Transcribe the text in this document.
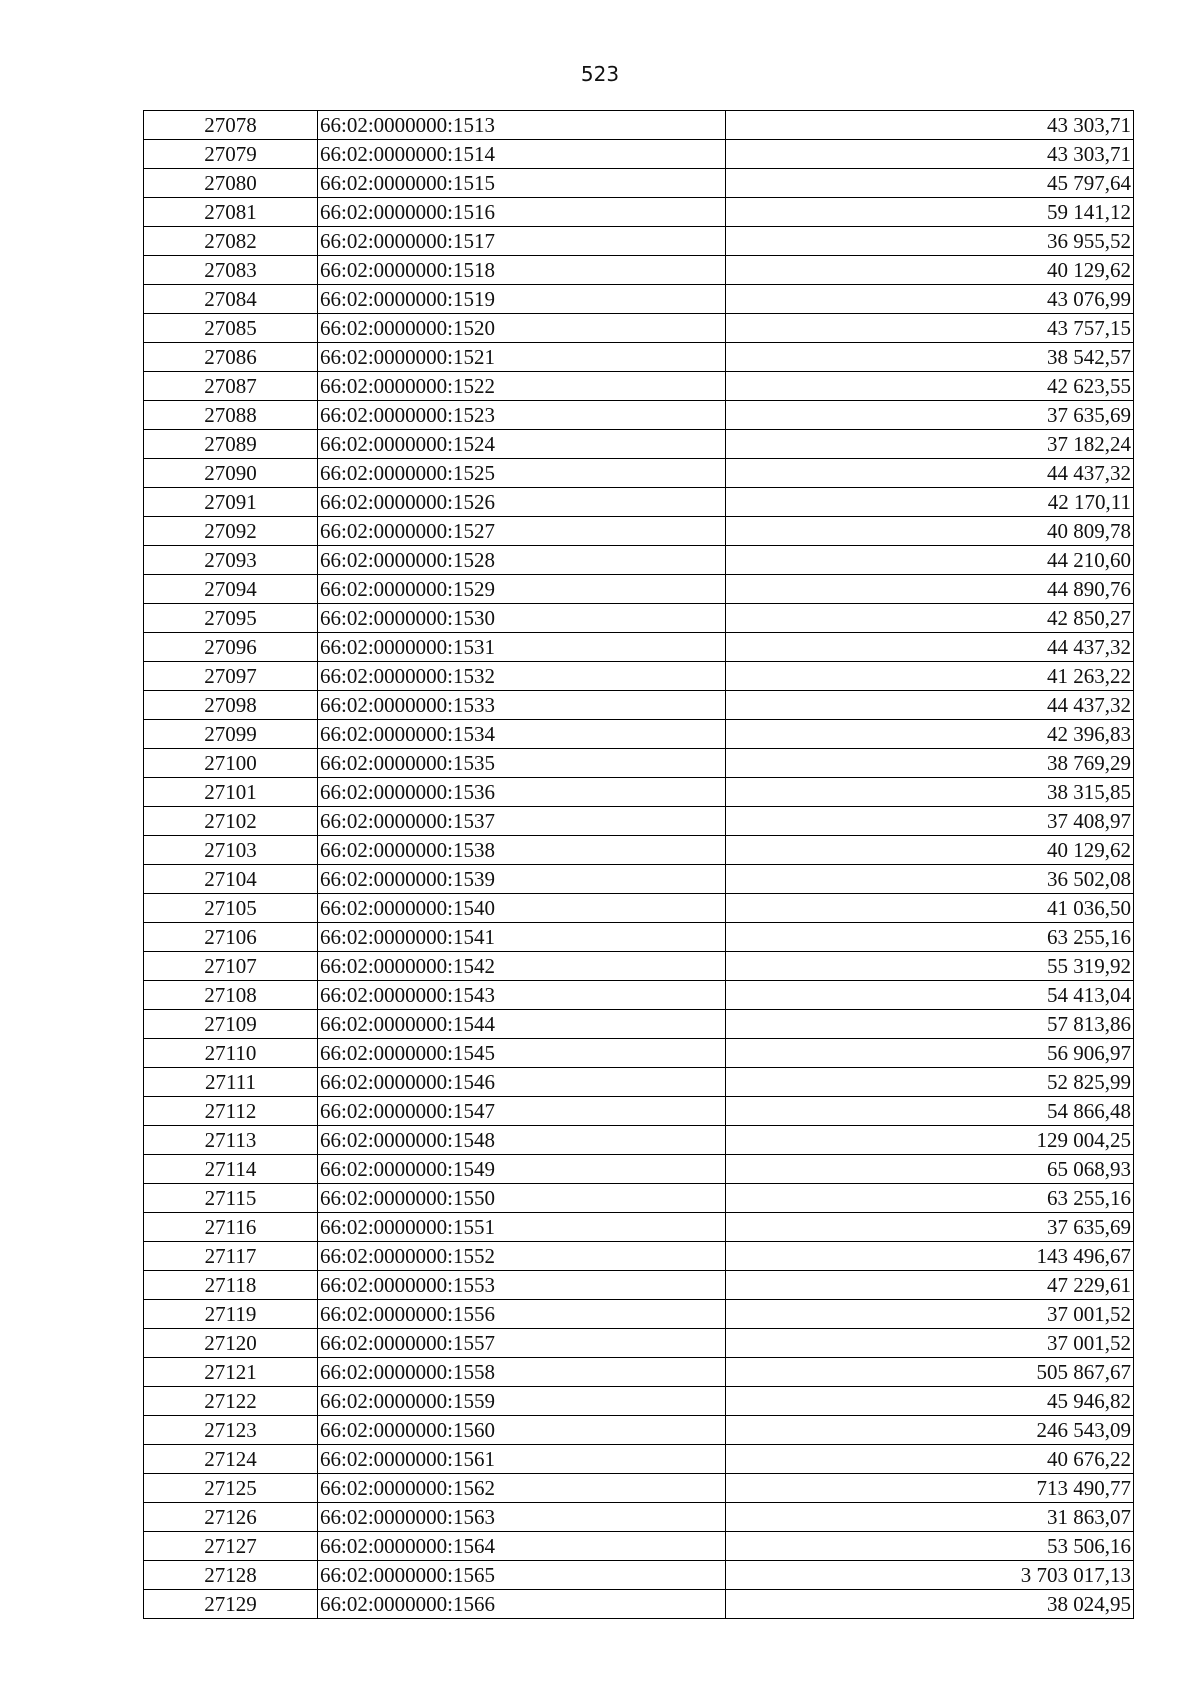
523
27078	66:02:0000000:1513	43 303,71
27079	66:02:0000000:1514	43 303,71
27080	66:02:0000000:1515	45 797,64
27081	66:02:0000000:1516	59 141,12
27082	66:02:0000000:1517	36 955,52
27083	66:02:0000000:1518	40 129,62
27084	66:02:0000000:1519	43 076,99
27085	66:02:0000000:1520	43 757,15
27086	66:02:0000000:1521	38 542,57
27087	66:02:0000000:1522	42 623,55
27088	66:02:0000000:1523	37 635,69
27089	66:02:0000000:1524	37 182,24
27090	66:02:0000000:1525	44 437,32
27091	66:02:0000000:1526	42 170,11
27092	66:02:0000000:1527	40 809,78
27093	66:02:0000000:1528	44 210,60
27094	66:02:0000000:1529	44 890,76
27095	66:02:0000000:1530	42 850,27
27096	66:02:0000000:1531	44 437,32
27097	66:02:0000000:1532	41 263,22
27098	66:02:0000000:1533	44 437,32
27099	66:02:0000000:1534	42 396,83
27100	66:02:0000000:1535	38 769,29
27101	66:02:0000000:1536	38 315,85
27102	66:02:0000000:1537	37 408,97
27103	66:02:0000000:1538	40 129,62
27104	66:02:0000000:1539	36 502,08
27105	66:02:0000000:1540	41 036,50
27106	66:02:0000000:1541	63 255,16
27107	66:02:0000000:1542	55 319,92
27108	66:02:0000000:1543	54 413,04
27109	66:02:0000000:1544	57 813,86
27110	66:02:0000000:1545	56 906,97
27111	66:02:0000000:1546	52 825,99
27112	66:02:0000000:1547	54 866,48
27113	66:02:0000000:1548	129 004,25
27114	66:02:0000000:1549	65 068,93
27115	66:02:0000000:1550	63 255,16
27116	66:02:0000000:1551	37 635,69
27117	66:02:0000000:1552	143 496,67
27118	66:02:0000000:1553	47 229,61
27119	66:02:0000000:1556	37 001,52
27120	66:02:0000000:1557	37 001,52
27121	66:02:0000000:1558	505 867,67
27122	66:02:0000000:1559	45 946,82
27123	66:02:0000000:1560	246 543,09
27124	66:02:0000000:1561	40 676,22
27125	66:02:0000000:1562	713 490,77
27126	66:02:0000000:1563	31 863,07
27127	66:02:0000000:1564	53 506,16
27128	66:02:0000000:1565	3 703 017,13
27129	66:02:0000000:1566	38 024,95
